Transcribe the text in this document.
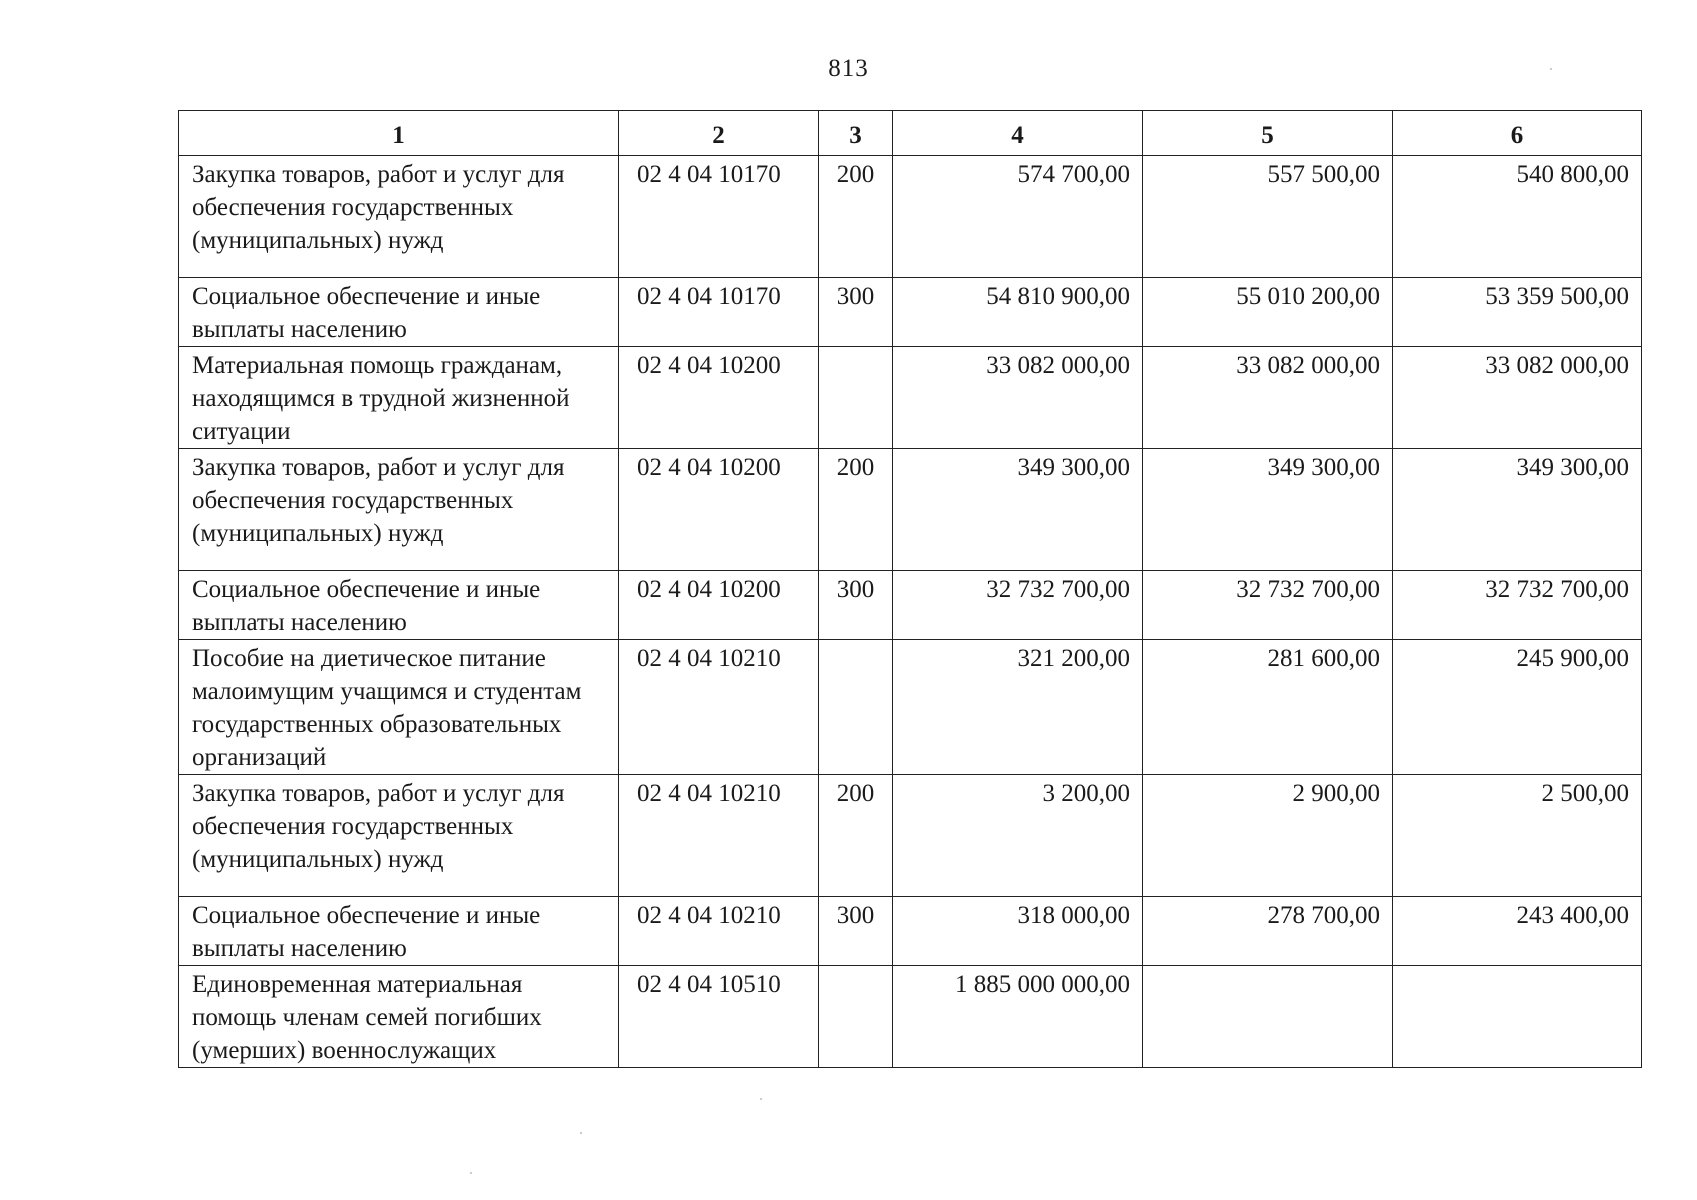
813
1	2	3	4	5	6
Закупка товаров, работ и услуг для обеспечения государственных (муниципальных) нужд	02 4 04 10170	200	574 700,00	557 500,00	540 800,00
Социальное обеспечение и иные выплаты населению	02 4 04 10170	300	54 810 900,00	55 010 200,00	53 359 500,00
Материальная помощь гражданам, находящимся в трудной жизненной ситуации	02 4 04 10200		33 082 000,00	33 082 000,00	33 082 000,00
Закупка товаров, работ и услуг для обеспечения государственных (муниципальных) нужд	02 4 04 10200	200	349 300,00	349 300,00	349 300,00
Социальное обеспечение и иные выплаты населению	02 4 04 10200	300	32 732 700,00	32 732 700,00	32 732 700,00
Пособие на диетическое питание малоимущим учащимся и студентам государственных образовательных организаций	02 4 04 10210		321 200,00	281 600,00	245 900,00
Закупка товаров, работ и услуг для обеспечения государственных (муниципальных) нужд	02 4 04 10210	200	3 200,00	2 900,00	2 500,00
Социальное обеспечение и иные выплаты населению	02 4 04 10210	300	318 000,00	278 700,00	243 400,00
Единовременная материальная помощь членам семей погибших (умерших) военнослужащих	02 4 04 10510		1 885 000 000,00		
